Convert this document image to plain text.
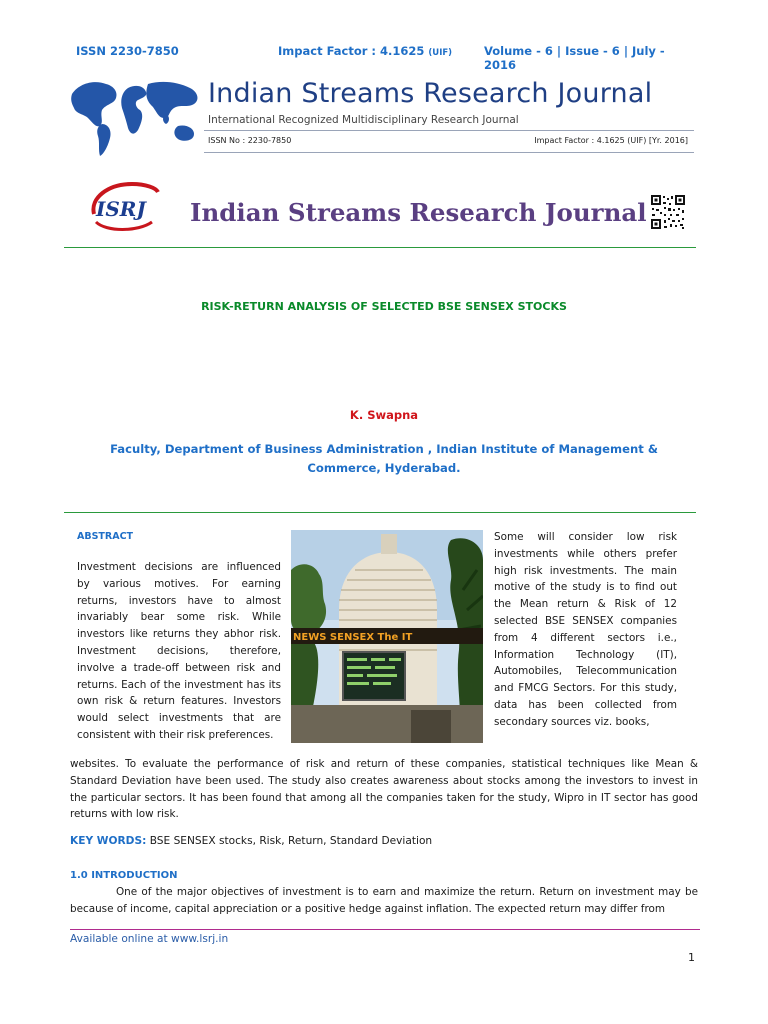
ISSN 2230-7850	Impact Factor : 4.1625 (UIF)	Volume - 6 | Issue - 6 | July - 2016
Indian Streams Research Journal
International Recognized Multidisciplinary Research Journal
ISSN No : 2230-7850	Impact Factor : 4.1625 (UIF) [Yr. 2016]
ISRJ Indian Streams Research Journal
RISK-RETURN ANALYSIS OF SELECTED BSE SENSEX STOCKS
K. Swapna
Faculty, Department of Business Administration , Indian Institute of Management &
Commerce, Hyderabad.
ABSTRACT
Investment decisions are influenced by various motives. For earning returns, investors have to almost invariably bear some risk. While investors like returns they abhor risk. Investment decisions, therefore, involve a trade-off between risk and returns. Each of the investment has its own risk & return features. Investors would select investments that are consistent with their risk preferences.
NEWS SENSEX The IT
Some will consider low risk investments while others prefer high risk investments. The main motive of the study is to find out the Mean return & Risk of 12 selected BSE SENSEX companies from 4 different sectors i.e., Information Technology (IT), Automobiles, Telecommunication and FMCG Sectors. For this study, data has been collected from secondary sources viz. books,
websites. To evaluate the performance of risk and return of these companies, statistical techniques like Mean & Standard Deviation have been used. The study also creates awareness about stocks among the investors to invest in the particular sectors. It has been found that among all the companies taken for the study, Wipro in IT sector has good returns with low risk.
KEY WORDS: BSE SENSEX stocks, Risk, Return, Standard Deviation
1.0 INTRODUCTION
One of the major objectives of investment is to earn and maximize the return. Return on investment may be because of income, capital appreciation or a positive hedge against inflation. The expected return may differ from
Available online at www.lsrj.in
1
